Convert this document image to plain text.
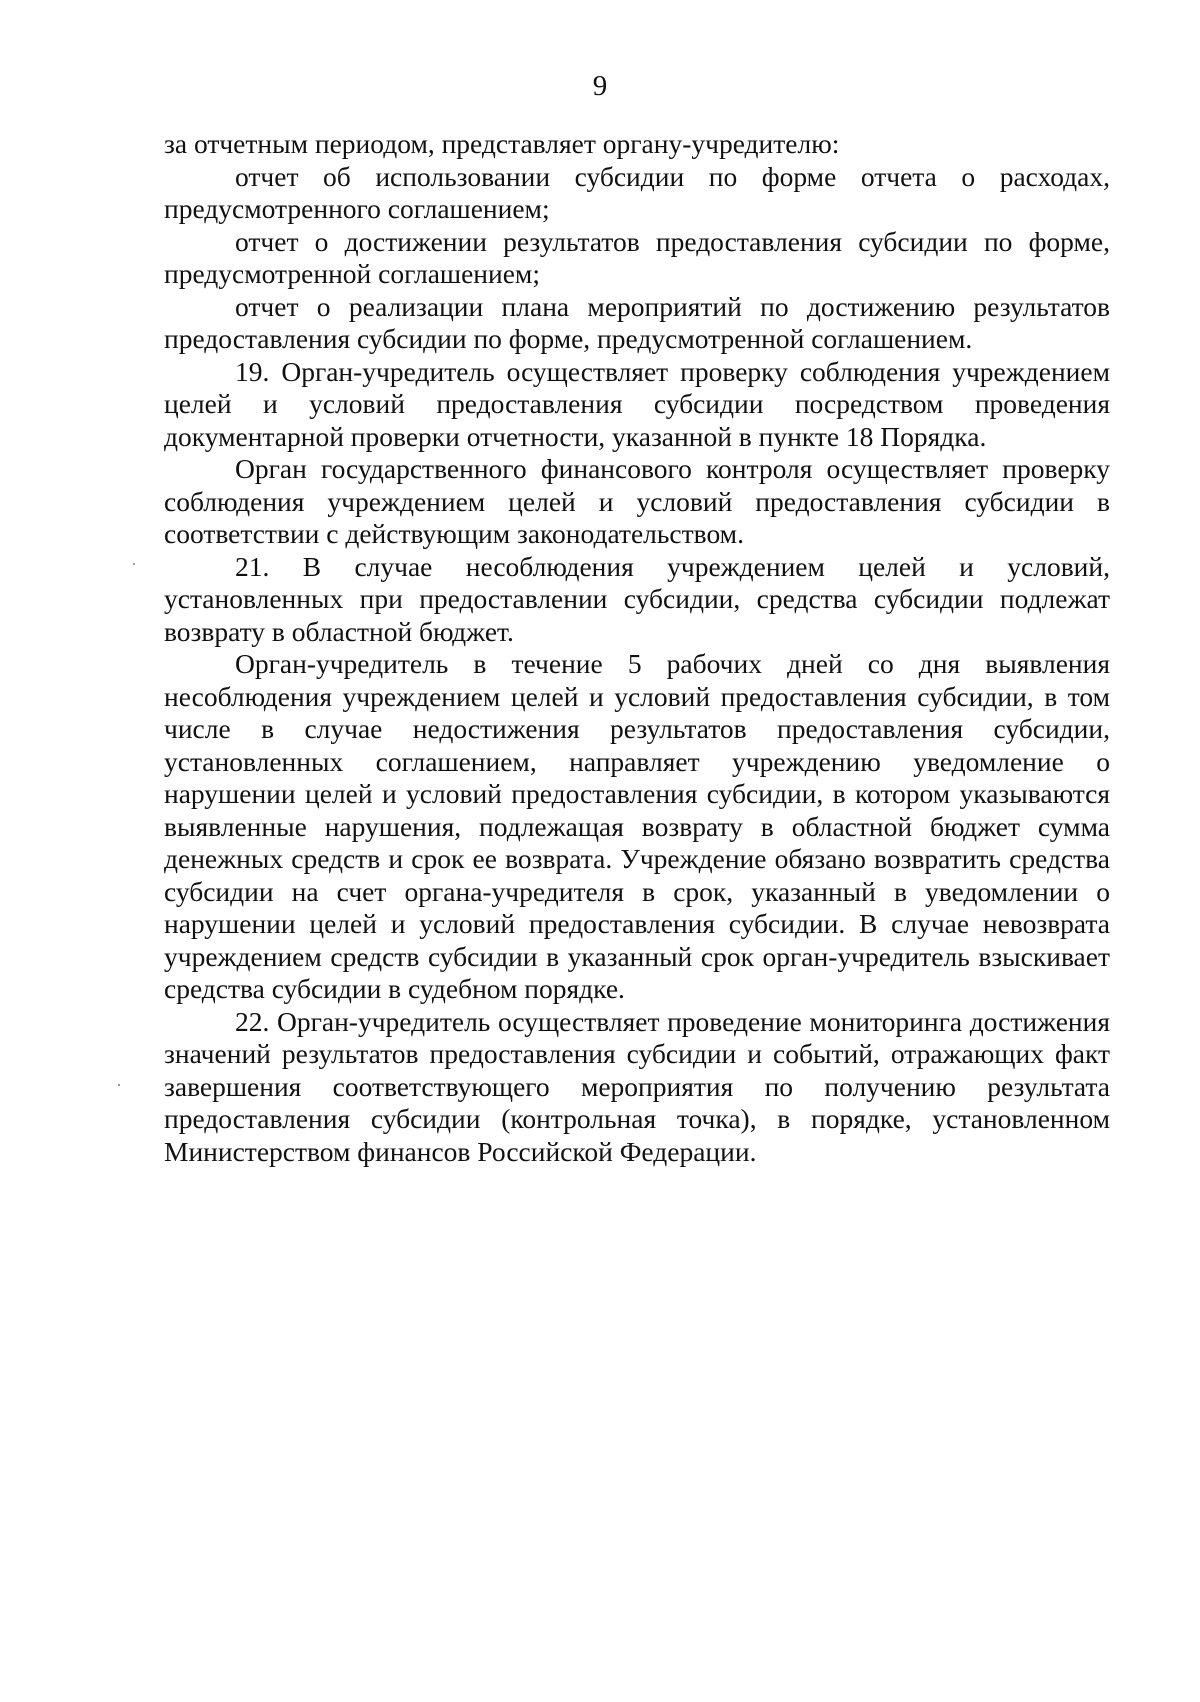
9

за отчетным периодом, представляет органу-учредителю:

отчет об использовании субсидии по форме отчета о расходах, предусмотренного соглашением;

отчет о достижении результатов предоставления субсидии по форме, предусмотренной соглашением;

отчет о реализации плана мероприятий по достижению результатов предоставления субсидии по форме, предусмотренной соглашением.

19. Орган-учредитель осуществляет проверку соблюдения учреждением целей и условий предоставления субсидии посредством проведения документарной проверки отчетности, указанной в пункте 18 Порядка.

Орган государственного финансового контроля осуществляет проверку соблюдения учреждением целей и условий предоставления субсидии в соответствии с действующим законодательством.

21. В случае несоблюдения учреждением целей и условий, установленных при предоставлении субсидии, средства субсидии подлежат возврату в областной бюджет.

Орган-учредитель в течение 5 рабочих дней со дня выявления несоблюдения учреждением целей и условий предоставления субсидии, в том числе в случае недостижения результатов предоставления субсидии, установленных соглашением, направляет учреждению уведомление о нарушении целей и условий предоставления субсидии, в котором указываются выявленные нарушения, подлежащая возврату в областной бюджет сумма денежных средств и срок ее возврата. Учреждение обязано возвратить средства субсидии на счет органа-учредителя в срок, указанный в уведомлении о нарушении целей и условий предоставления субсидии. В случае невозврата учреждением средств субсидии в указанный срок орган-учредитель взыскивает средства субсидии в судебном порядке.

22. Орган-учредитель осуществляет проведение мониторинга достижения значений результатов предоставления субсидии и событий, отражающих факт завершения соответствующего мероприятия по получению результата предоставления субсидии (контрольная точка), в порядке, установленном Министерством финансов Российской Федерации.
